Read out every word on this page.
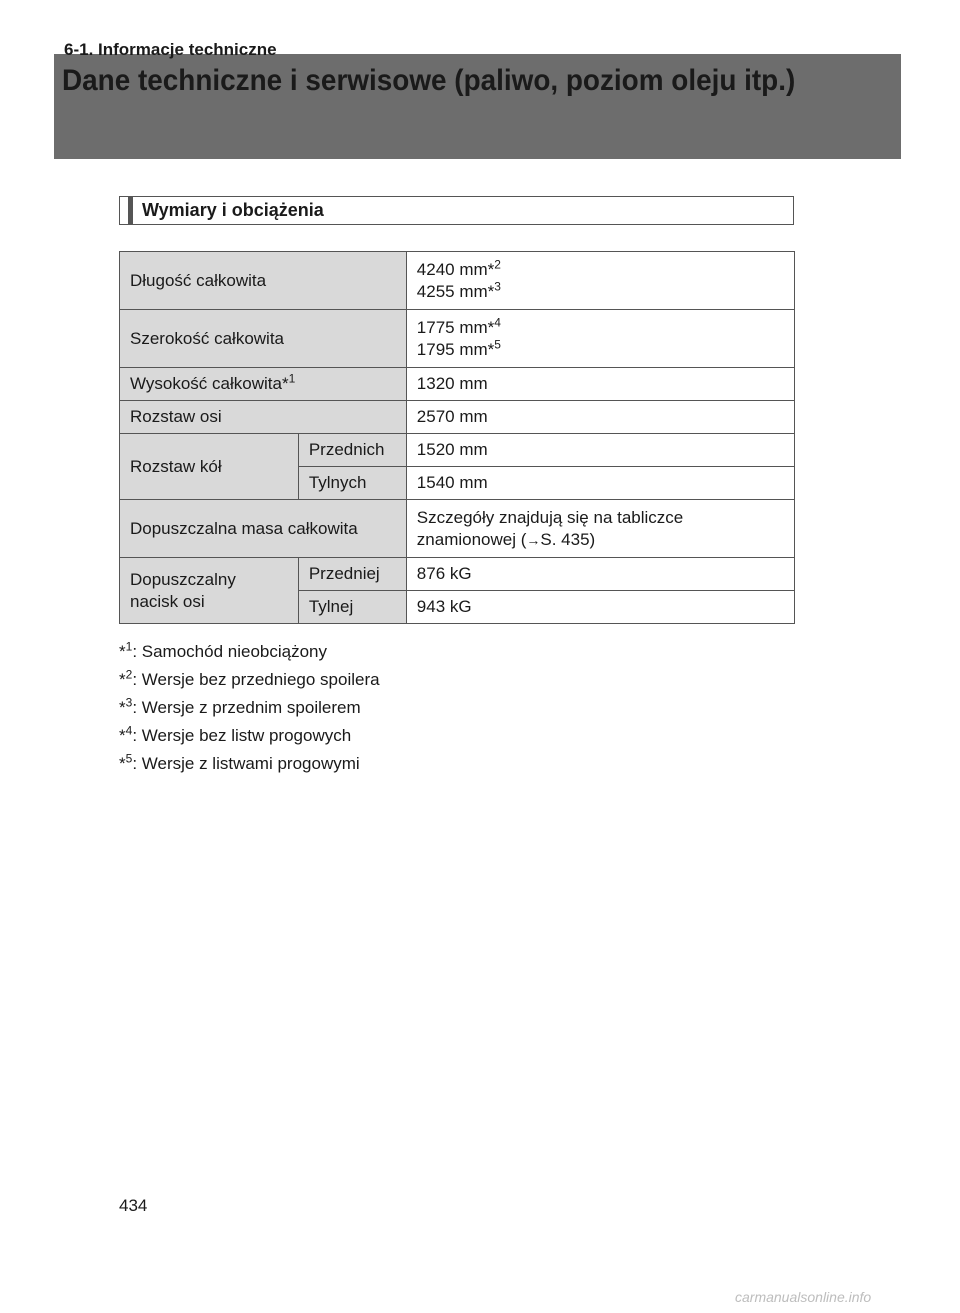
6-1. Informacje techniczne
Dane techniczne i serwisowe (paliwo, poziom oleju itp.)
Wymiary i obciążenia
Długość całkowita		4240 mm*$^2$
4255 mm*$^3$
Szerokość całkowita		1775 mm*$^4$
1795 mm*$^5$
Wysokość całkowita*$^1$		1320 mm
Rozstaw osi		2570 mm
Rozstaw kół	Przednich	1520 mm
	Tylnych	1540 mm
Dopuszczalna masa całkowita		Szczegóły znajdują się na tabliczce
znamionowej (→S. 435)
Dopuszczalny
nacisk osi	Przedniej	876 kG
	Tylnej	943 kG
*$^1$: Samochód nieobciążony
*$^2$: Wersje bez przedniego spoilera
*$^3$: Wersje z przednim spoilerem
*$^4$: Wersje bez listw progowych
*$^5$: Wersje z listwami progowymi
434
carmanualsonline.info
